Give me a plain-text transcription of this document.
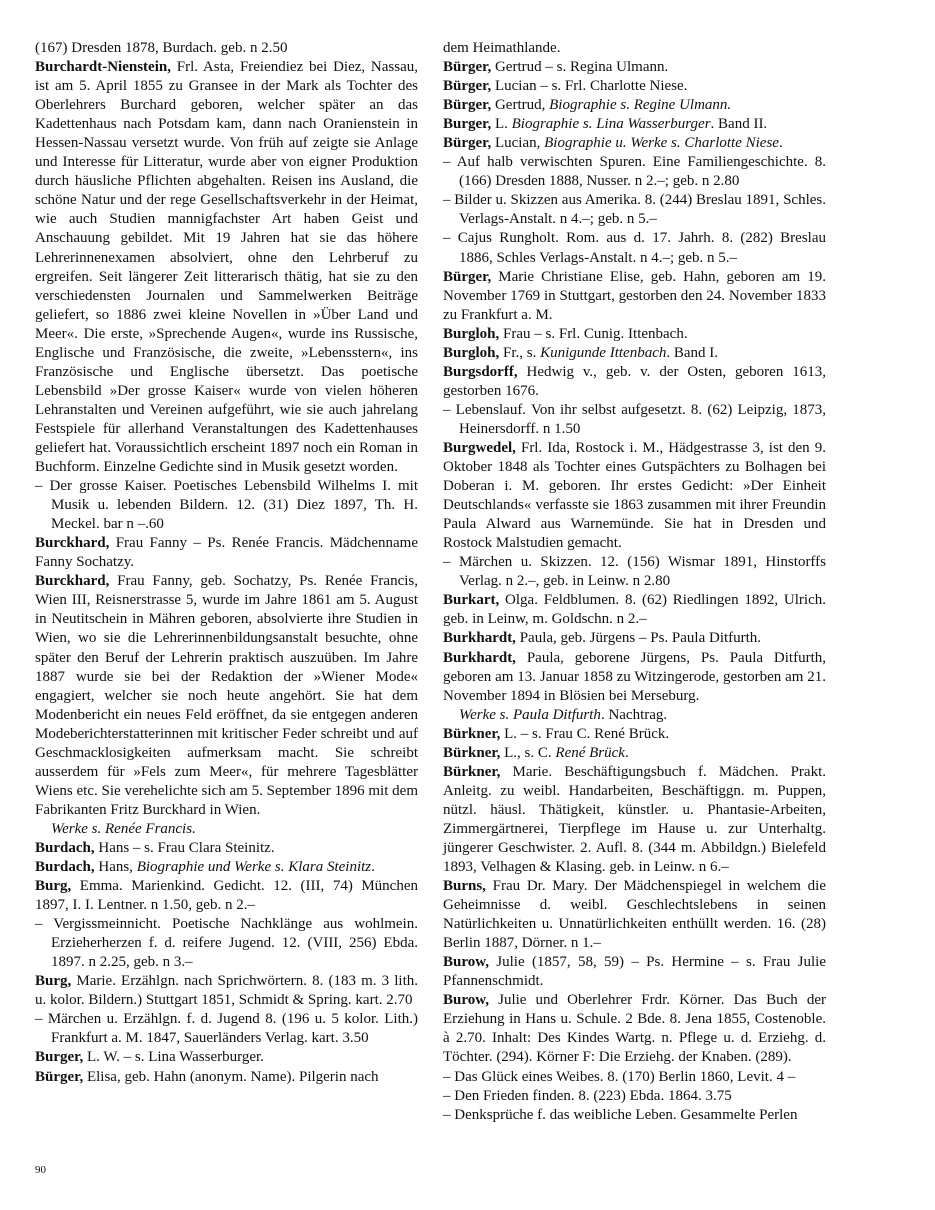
(167) Dresden 1878, Burdach. geb. n 2.50

Burchardt-Nienstein, Frl. Asta, Freiendiez bei Diez, Nassau, ist am 5. April 1855 zu Gransee in der Mark als Tochter des Oberlehrers Burchard geboren, welcher später an das Kadettenhaus nach Potsdam kam, dann nach Oranienstein in Hessen-Nassau versetzt wurde. Von früh auf zeigte sie Anlage und Interesse für Litteratur, wurde aber von eigner Produktion durch häusliche Pflichten abgehalten. Reisen ins Ausland, die schöne Natur und der rege Gesellschaftsverkehr in der Heimat, wie auch Studien mannigfachster Art haben Geist und Anschauung gebildet. Mit 19 Jahren hat sie das höhere Lehrerinnenexamen absolviert, ohne den Lehrberuf zu ergreifen. Seit längerer Zeit litterarisch thätig, hat sie zu den verschiedensten Journalen und Sammelwerken Beiträge geliefert, so 1886 zwei kleine Novellen in »Über Land und Meer«. Die erste, »Sprechende Augen«, wurde ins Russische, Englische und Französische, die zweite, »Lebensstern«, ins Französische und Englische übersetzt. Das poetische Lebensbild »Der grosse Kaiser« wurde von vielen höheren Lehranstalten und Vereinen aufgeführt, wie sie auch jahrelang Festspiele für allerhand Veranstaltungen des Kadettenhauses geliefert hat. Voraussichtlich erscheint 1897 noch ein Roman in Buchform. Einzelne Gedichte sind in Musik gesetzt worden.

– Der grosse Kaiser. Poetisches Lebensbild Wilhelms I. mit Musik u. lebenden Bildern. 12. (31) Diez 1897, Th. H. Meckel. bar n –.60

Burckhard, Frau Fanny – Ps. Renée Francis. Mädchenname Fanny Sochatzy.

Burckhard, Frau Fanny, geb. Sochatzy, Ps. Renée Francis, Wien III, Reisnerstrasse 5, wurde im Jahre 1861 am 5. August in Neutitschein in Mähren geboren, absolvierte ihre Studien in Wien, wo sie die Lehrerinnenbildungsanstalt besuchte, ohne später den Beruf der Lehrerin praktisch auszuüben. Im Jahre 1887 wurde sie bei der Redaktion der »Wiener Mode« engagiert, welcher sie noch heute angehört. Sie hat dem Modenbericht ein neues Feld eröffnet, da sie entgegen anderen Modeberichterstatterinnen mit kritischer Feder schreibt und auf Geschmacklosigkeiten aufmerksam macht. Sie schreibt ausserdem für »Fels zum Meer«, für mehrere Tagesblätter Wiens etc. Sie verehelichte sich am 5. September 1896 mit dem Fabrikanten Fritz Burckhard in Wien.

Werke s. Renée Francis.

Burdach, Hans – s. Frau Clara Steinitz.

Burdach, Hans, Biographie und Werke s. Klara Steinitz.

Burg, Emma. Marienkind. Gedicht. 12. (III, 74) München 1897, I. I. Lentner. n 1.50, geb. n 2.–

– Vergissmeinnicht. Poetische Nachklänge aus wohlmein. Erzieherherzen f. d. reifere Jugend. 12. (VIII, 256) Ebda. 1897. n 2.25, geb. n 3.–

Burg, Marie. Erzählgn. nach Sprichwörtern. 8. (183 m. 3 lith. u. kolor. Bildern.) Stuttgart 1851, Schmidt & Spring. kart. 2.70

– Märchen u. Erzählgn. f. d. Jugend 8. (196 u. 5 kolor. Lith.) Frankfurt a. M. 1847, Sauerländers Verlag. kart. 3.50

Burger, L. W. – s. Lina Wasserburger.

Bürger, Elisa, geb. Hahn (anonym. Name). Pilgerin nach

dem Heimathlande.

Bürger, Gertrud – s. Regina Ulmann.

Bürger, Lucian – s. Frl. Charlotte Niese.

Bürger, Gertrud, Biographie s. Regine Ulmann.

Burger, L. Biographie s. Lina Wasserburger. Band II.

Bürger, Lucian, Biographie u. Werke s. Charlotte Niese.

– Auf halb verwischten Spuren. Eine Familiengeschichte. 8. (166) Dresden 1888, Nusser. n 2.–; geb. n 2.80

– Bilder u. Skizzen aus Amerika. 8. (244) Breslau 1891, Schles. Verlags-Anstalt. n 4.–; geb. n 5.–

– Cajus Rungholt. Rom. aus d. 17. Jahrh. 8. (282) Breslau 1886, Schles Verlags-Anstalt. n 4.–; geb. n 5.–

Bürger, Marie Christiane Elise, geb. Hahn, geboren am 19. November 1769 in Stuttgart, gestorben den 24. November 1833 zu Frankfurt a. M.

Burgloh, Frau – s. Frl. Cunig. Ittenbach.

Burgloh, Fr., s. Kunigunde Ittenbach. Band I.

Burgsdorff, Hedwig v., geb. v. der Osten, geboren 1613, gestorben 1676.

– Lebenslauf. Von ihr selbst aufgesetzt. 8. (62) Leipzig, 1873, Heinersdorff. n 1.50

Burgwedel, Frl. Ida, Rostock i. M., Hädgestrasse 3, ist den 9. Oktober 1848 als Tochter eines Gutspächters zu Bolhagen bei Doberan i. M. geboren. Ihr erstes Gedicht: »Der Einheit Deutschlands« verfasste sie 1863 zusammen mit ihrer Freundin Paula Alward aus Warnemünde. Sie hat in Dresden und Rostock Malstudien gemacht.

– Märchen u. Skizzen. 12. (156) Wismar 1891, Hinstorffs Verlag. n 2.–, geb. in Leinw. n 2.80

Burkart, Olga. Feldblumen. 8. (62) Riedlingen 1892, Ulrich. geb. in Leinw, m. Goldschn. n 2.–

Burkhardt, Paula, geb. Jürgens – Ps. Paula Ditfurth.

Burkhardt, Paula, geborene Jürgens, Ps. Paula Ditfurth, geboren am 13. Januar 1858 zu Witzingerode, gestorben am 21. November 1894 in Blösien bei Merseburg.

Werke s. Paula Ditfurth. Nachtrag.

Bürkner, L. – s. Frau C. René Brück.

Bürkner, L., s. C. René Brück.

Bürkner, Marie. Beschäftigungsbuch f. Mädchen. Prakt. Anleitg. zu weibl. Handarbeiten, Beschäftiggn. m. Puppen, nützl. häusl. Thätigkeit, künstler. u. Phantasie-Arbeiten, Zimmergärtnerei, Tierpflege im Hause u. zur Unterhaltg. jüngerer Geschwister. 2. Aufl. 8. (344 m. Abbildgn.) Bielefeld 1893, Velhagen & Klasing. geb. in Leinw. n 6.–

Burns, Frau Dr. Mary. Der Mädchenspiegel in welchem die Geheimnisse d. weibl. Geschlechtslebens in seinen Natürlichkeiten u. Unnatürlichkeiten enthüllt werden. 16. (28) Berlin 1887, Dörner. n 1.–

Burow, Julie (1857, 58, 59) – Ps. Hermine – s. Frau Julie Pfannenschmidt.

Burow, Julie und Oberlehrer Frdr. Körner. Das Buch der Erziehung in Hans u. Schule. 2 Bde. 8. Jena 1855, Costenoble. à 2.70. Inhalt: Des Kindes Wartg. n. Pflege u. d. Erziehg. d. Töchter. (294). Körner F: Die Erziehg. der Knaben. (289).

– Das Glück eines Weibes. 8. (170) Berlin 1860, Levit. 4 –

– Den Frieden finden. 8. (223) Ebda. 1864. 3.75

– Denksprüche f. das weibliche Leben. Gesammelte Perlen

90
